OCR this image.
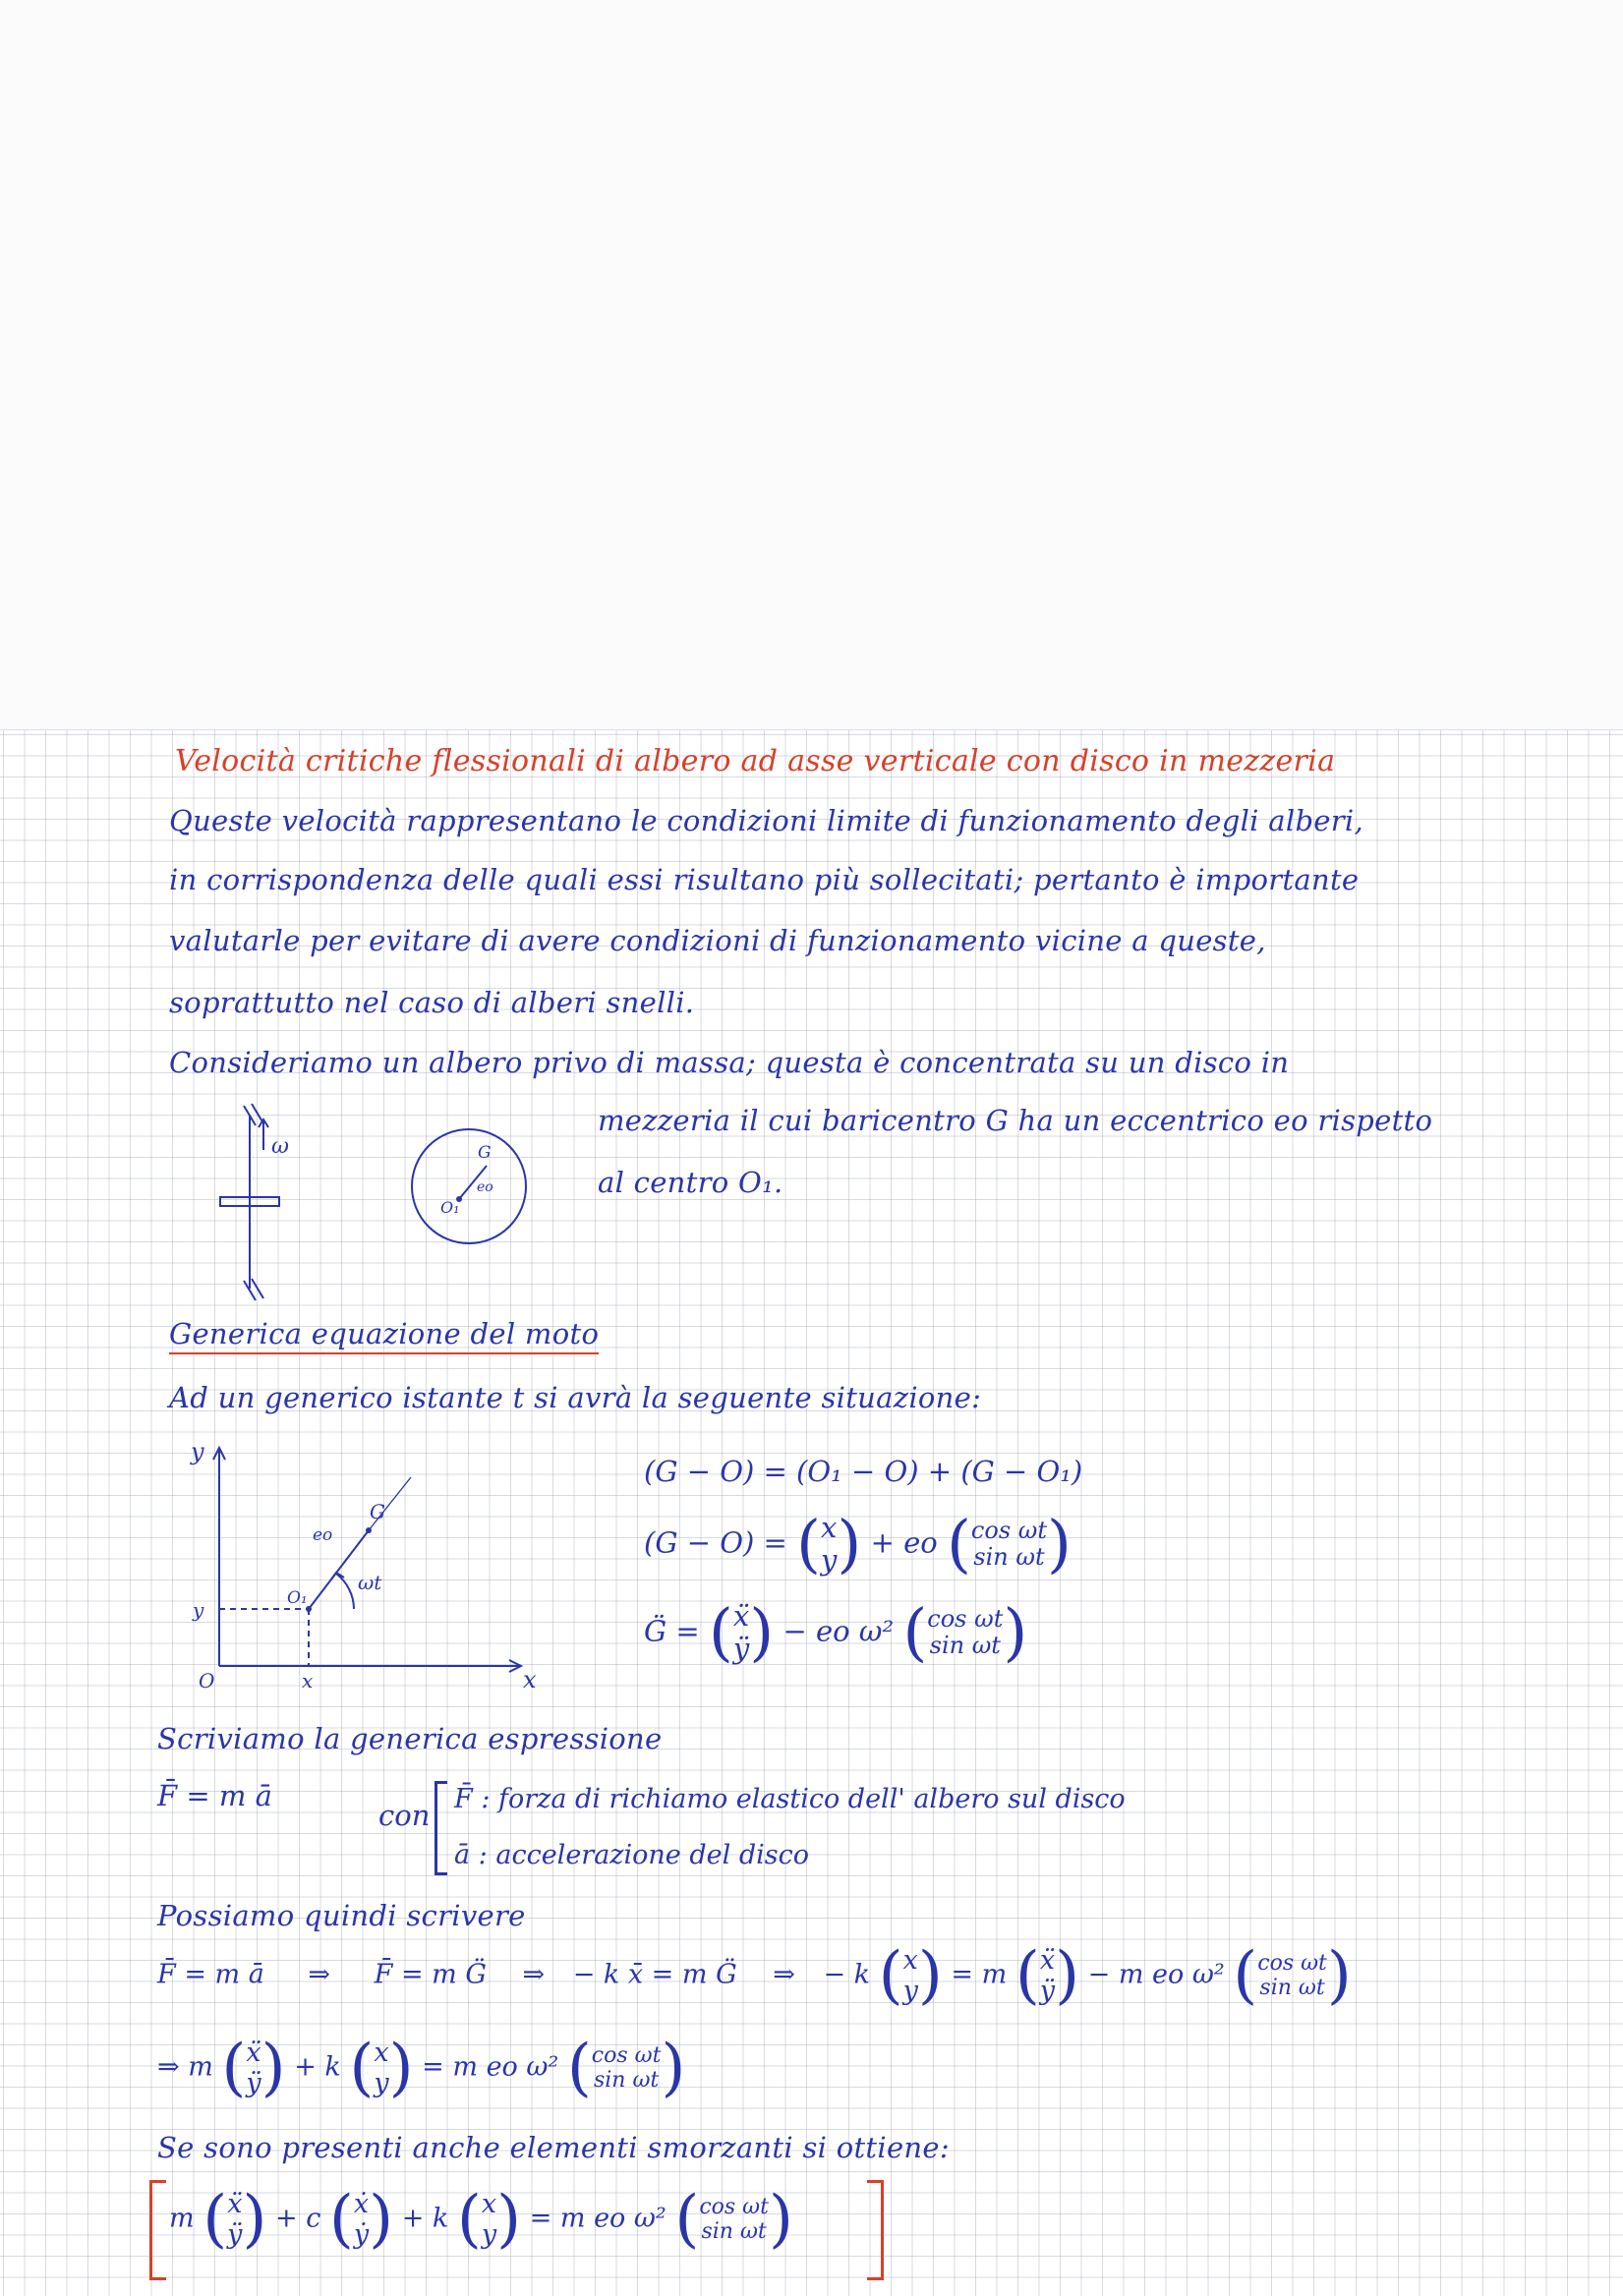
Velocità critiche flessionali di albero ad asse verticale con disco in mezzeria
Queste velocità rappresentano le condizioni limite di funzionamento degli alberi,
in corrispondenza delle quali essi risultano più sollecitati; pertanto è importante
valutarle per evitare di avere condizioni di funzionamento vicine a queste,
soprattutto nel caso di alberi snelli.
Consideriamo un albero privo di massa; questa è concentrata su un disco in
mezzeria il cui baricentro G ha un eccentrico eo rispetto
al centro O₁.
ω	G
eo
O₁
Generica equazione del moto
Ad un generico istante t si avrà la seguente situazione:
y
x
O	x
y
G
eo
O₁
ωt
(G − O) = (O₁ − O) + (G − O₁)
(G − O) = (x
y) + eo (cos ωt
sin ωt)
G̈ = (ẍ
ÿ) − eo ω² (cos ωt
sin ωt)
Scriviamo la generica espressione
F̄ = m ā
con F̄ : forza di richiamo elastico dell' albero sul disco
ā : accelerazione del disco
Possiamo quindi scrivere
F̄ = m ā ⇒ F̄ = m G̈ ⇒ − k x̄ = m G̈ ⇒ − k (x
y) = m (ẍ
ÿ) − m eo ω² (cos ωt
sin ωt)
⇒ m (ẍ
ÿ) + k (x
y) = m eo ω² (cos ωt
sin ωt)
Se sono presenti anche elementi smorzanti si ottiene:
m (ẍ
ÿ) + c (ẋ
ẏ) + k (x
y) = m eo ω² (cos ωt
sin ωt)
